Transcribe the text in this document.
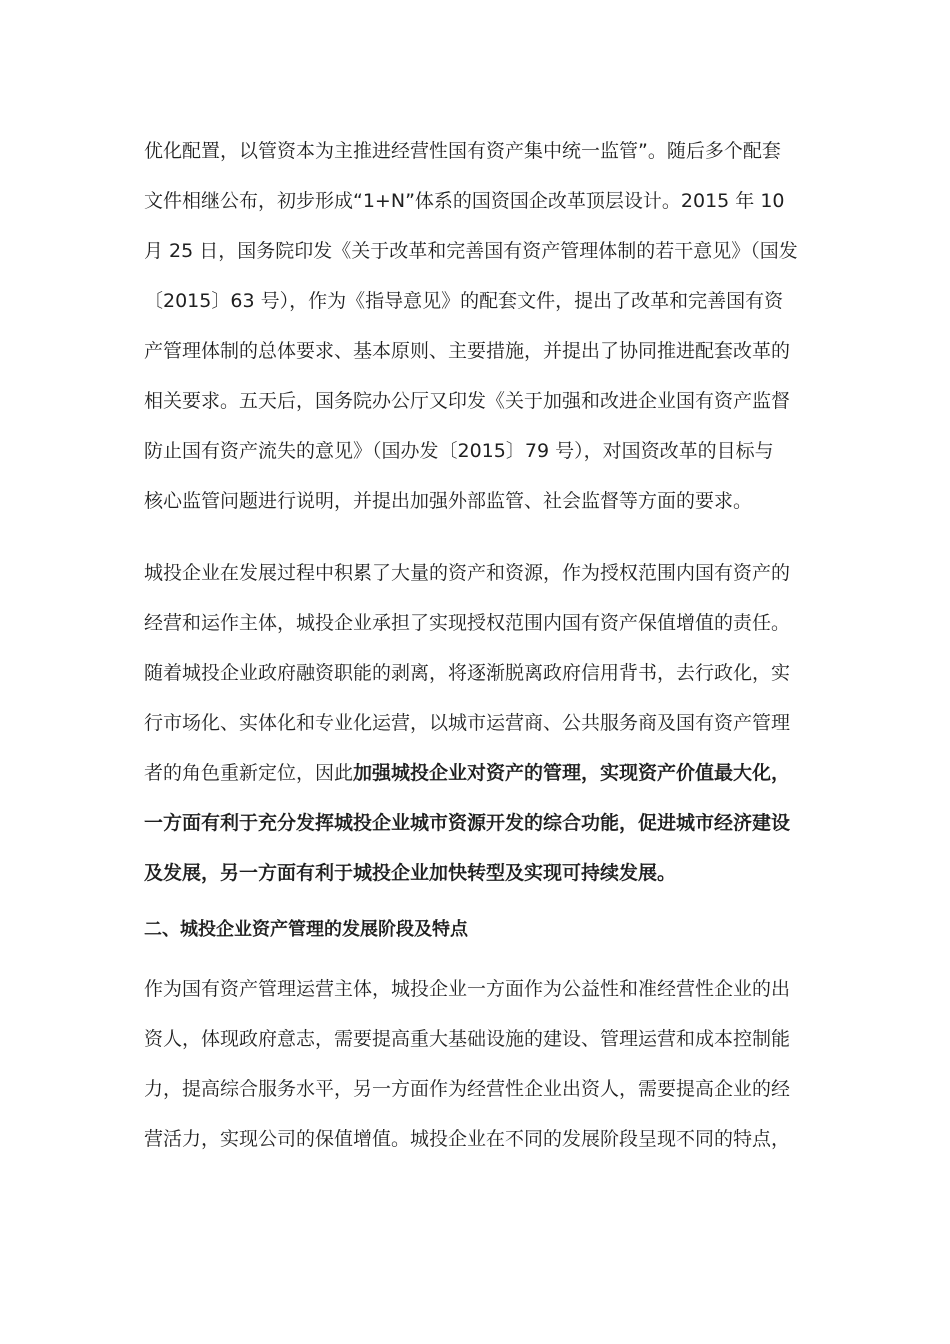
优化配置，以管资本为主推进经营性国有资产集中统一监管”。随后多个配套
文件相继公布，初步形成“1+N”体系的国资国企改革顶层设计。2015 年 10
月 25 日，国务院印发《关于改革和完善国有资产管理体制的若干意见》（国发
〔2015〕63 号），作为《指导意见》的配套文件，提出了改革和完善国有资
产管理体制的总体要求、基本原则、主要措施，并提出了协同推进配套改革的
相关要求。五天后，国务院办公厅又印发《关于加强和改进企业国有资产监督
防止国有资产流失的意见》（国办发〔2015〕79 号），对国资改革的目标与
核心监管问题进行说明，并提出加强外部监管、社会监督等方面的要求。
城投企业在发展过程中积累了大量的资产和资源，作为授权范围内国有资产的
经营和运作主体，城投企业承担了实现授权范围内国有资产保值增值的责任。
随着城投企业政府融资职能的剥离，将逐渐脱离政府信用背书，去行政化，实
行市场化、实体化和专业化运营，以城市运营商、公共服务商及国有资产管理
者的角色重新定位，因此加强城投企业对资产的管理，实现资产价值最大化，
一方面有利于充分发挥城投企业城市资源开发的综合功能，促进城市经济建设
及发展，另一方面有利于城投企业加快转型及实现可持续发展。
二、城投企业资产管理的发展阶段及特点
作为国有资产管理运营主体，城投企业一方面作为公益性和准经营性企业的出
资人，体现政府意志，需要提高重大基础设施的建设、管理运营和成本控制能
力，提高综合服务水平，另一方面作为经营性企业出资人，需要提高企业的经
营活力，实现公司的保值增值。城投企业在不同的发展阶段呈现不同的特点，
